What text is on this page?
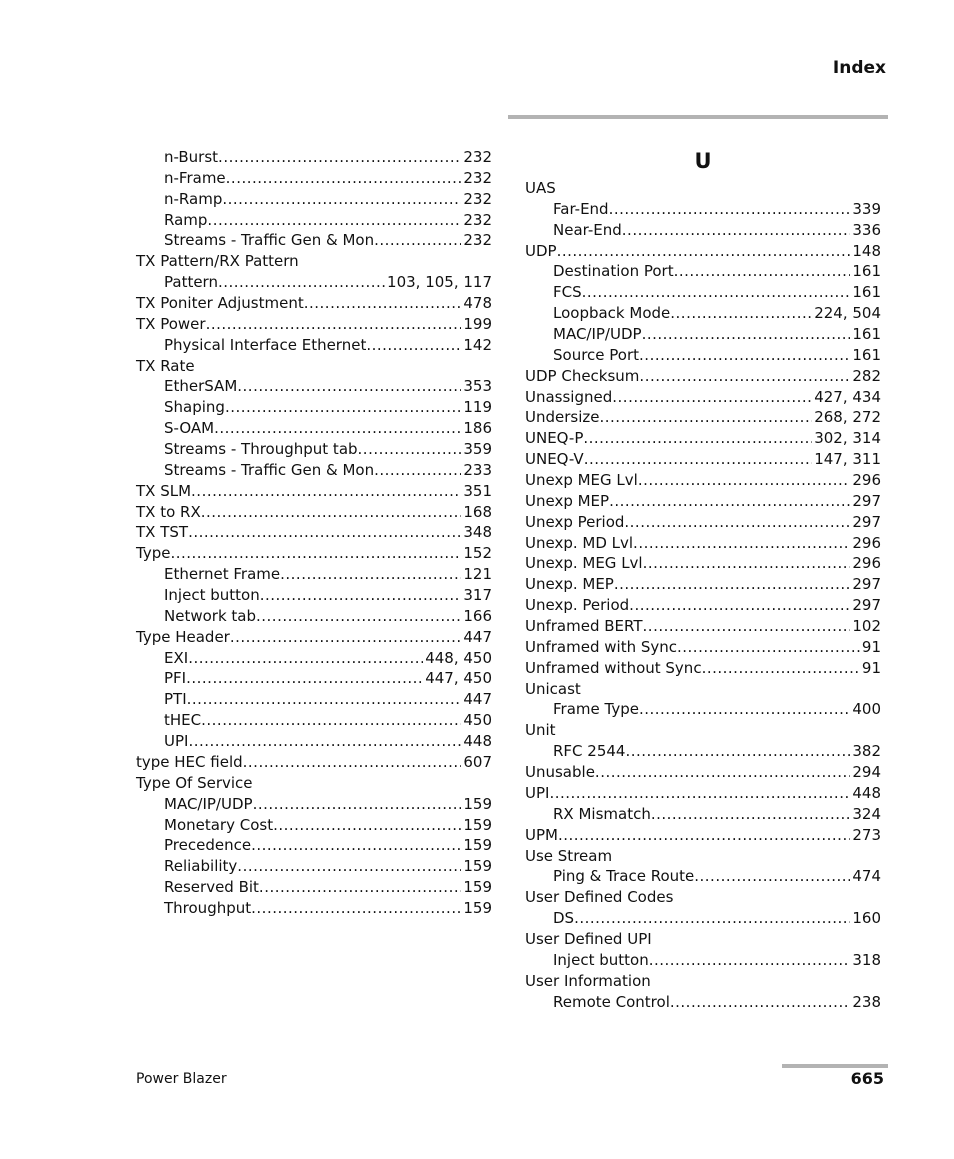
Index
n-Burst .....	232
n-Frame .....	232
n-Ramp .....	232
Ramp .....	232
Streams - Traffic Gen & Mon .....	232
TX Pattern/RX Pattern
Pattern .....	103, 105, 117
TX Poniter Adjustment .....	478
TX Power .....	199
Physical Interface Ethernet .....	142
TX Rate
EtherSAM .....	353
Shaping .....	119
S-OAM .....	186
Streams - Throughput tab .....	359
Streams - Traffic Gen & Mon .....	233
TX SLM .....	351
TX to RX .....	168
TX TST .....	348
Type .....	152
Ethernet Frame .....	121
Inject button .....	317
Network tab .....	166
Type Header .....	447
EXI .....	448, 450
PFI .....	447, 450
PTI .....	447
tHEC .....	450
UPI .....	448
type HEC field .....	607
Type Of Service
MAC/IP/UDP .....	159
Monetary Cost .....	159
Precedence .....	159
Reliability .....	159
Reserved Bit .....	159
Throughput .....	159
U
UAS
Far-End .....	339
Near-End .....	336
UDP .....	148
Destination Port .....	161
FCS .....	161
Loopback Mode .....	224, 504
MAC/IP/UDP .....	161
Source Port .....	161
UDP Checksum .....	282
Unassigned .....	427, 434
Undersize .....	268, 272
UNEQ-P .....	302, 314
UNEQ-V .....	147, 311
Unexp MEG Lvl .....	296
Unexp MEP .....	297
Unexp Period .....	297
Unexp. MD Lvl .....	296
Unexp. MEG Lvl .....	296
Unexp. MEP .....	297
Unexp. Period .....	297
Unframed BERT .....	102
Unframed with Sync .....	91
Unframed without Sync .....	91
Unicast
Frame Type .....	400
Unit
RFC 2544 .....	382
Unusable .....	294
UPI .....	448
RX Mismatch .....	324
UPM .....	273
Use Stream
Ping & Trace Route .....	474
User Defined Codes
DS .....	160
User Defined UPI
Inject button .....	318
User Information
Remote Control .....	238
Power Blazer	665
